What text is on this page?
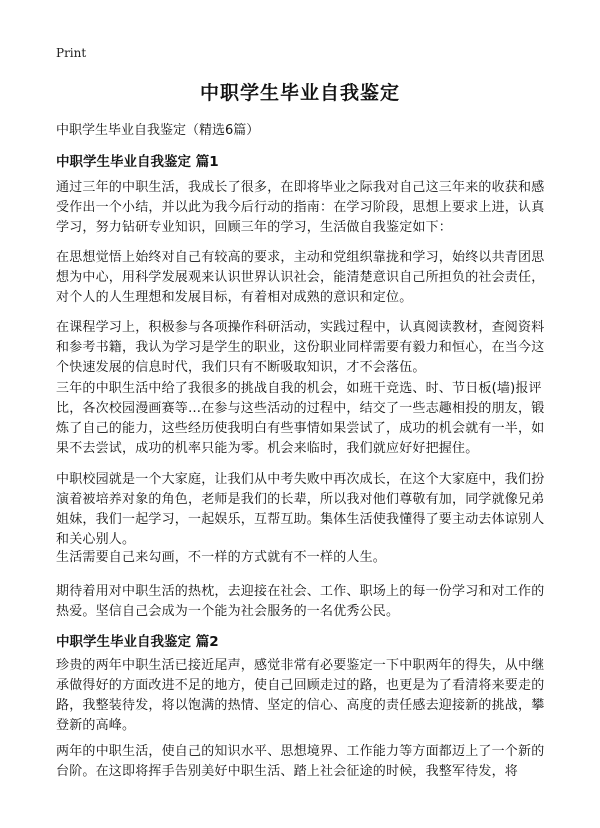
Print
中职学生毕业自我鉴定
中职学生毕业自我鉴定（精选6篇）
中职学生毕业自我鉴定 篇1

通过三年的中职生活，我成长了很多，在即将毕业之际我对自己这三年来的收获和感受作出一个小结，并以此为我今后行动的指南：在学习阶段，思想上要求上进，认真学习，努力钻研专业知识，回顾三年的学习，生活做自我鉴定如下：

在思想觉悟上始终对自己有较高的要求，主动和党组织靠拢和学习，始终以共青团思想为中心，用科学发展观来认识世界认识社会，能清楚意识自己所担负的社会责任，对个人的人生理想和发展目标，有着相对成熟的意识和定位。

在课程学习上，积极参与各项操作科研活动，实践过程中，认真阅读教材，查阅资料和参考书籍，我认为学习是学生的职业，这份职业同样需要有毅力和恒心，在当今这个快速发展的信息时代，我们只有不断吸取知识，才不会落伍。

三年的中职生活中给了我很多的挑战自我的机会，如班干竞选、时、节日板(墙)报评比，各次校园漫画赛等…在参与这些活动的过程中，结交了一些志趣相投的朋友，锻炼了自己的能力，这些经历使我明白有些事情如果尝试了，成功的机会就有一半，如果不去尝试，成功的机率只能为零。机会来临时，我们就应好好把握住。

中职校园就是一个大家庭，让我们从中考失败中再次成长，在这个大家庭中，我们扮演着被培养对象的角色，老师是我们的长辈，所以我对他们尊敬有加，同学就像兄弟姐妹，我们一起学习，一起娱乐，互帮互助。集体生活使我懂得了要主动去体谅别人和关心别人。

生活需要自己来勾画，不一样的方式就有不一样的人生。

期待着用对中职生活的热枕，去迎接在社会、工作、职场上的每一份学习和对工作的热爱。坚信自己会成为一个能为社会服务的一名优秀公民。

中职学生毕业自我鉴定 篇2

珍贵的两年中职生活已接近尾声，感觉非常有必要鉴定一下中职两年的得失，从中继承做得好的方面改进不足的地方，使自己回顾走过的路，也更是为了看清将来要走的路，我整装待发，将以饱满的热情、坚定的信心、高度的责任感去迎接新的挑战，攀登新的高峰。

两年的中职生活，使自己的知识水平、思想境界、工作能力等方面都迈上了一个新的台阶。在这即将挥手告别美好中职生活、踏上社会征途的时候，我整军待发，将
